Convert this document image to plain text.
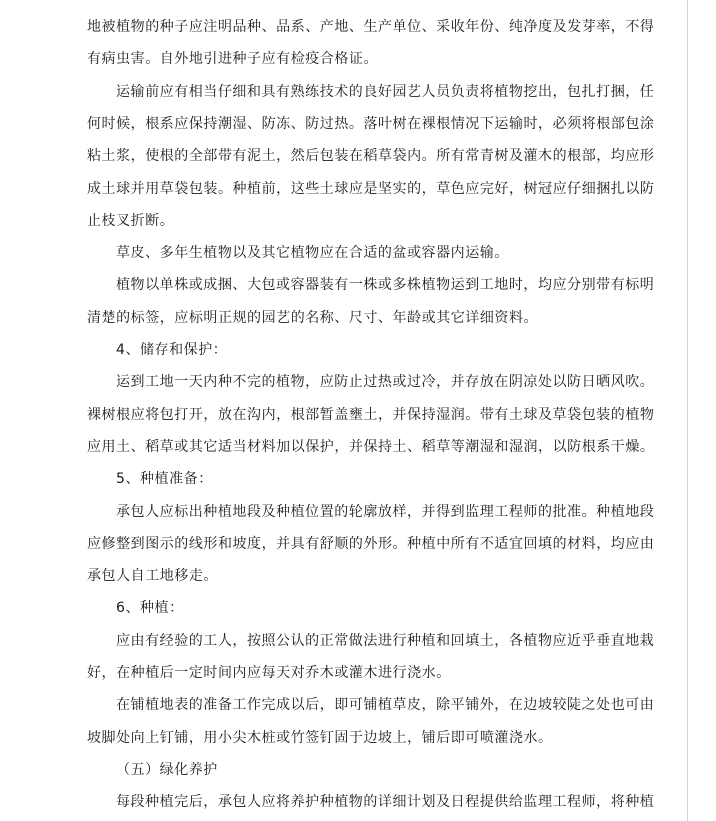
地被植物的种子应注明品种、品系、产地、生产单位、采收年份、纯净度及发芽率，不得
有病虫害。自外地引进种子应有检疫合格证。
运输前应有相当仔细和具有熟练技术的良好园艺人员负责将植物挖出，包扎打捆，任
何时候，根系应保持潮湿、防冻、防过热。落叶树在裸根情况下运输时，必须将根部包涂
粘土浆，使根的全部带有泥土，然后包装在稻草袋内。所有常青树及灌木的根部，均应形
成土球并用草袋包装。种植前，这些土球应是坚实的，草色应完好，树冠应仔细捆扎以防
止枝叉折断。
草皮、多年生植物以及其它植物应在合适的盆或容器内运输。
植物以单株或成捆、大包或容器装有一株或多株植物运到工地时，均应分别带有标明
清楚的标签，应标明正规的园艺的名称、尺寸、年龄或其它详细资料。
4、储存和保护：
运到工地一天内种不完的植物，应防止过热或过冷，并存放在阴凉处以防日晒风吹。
裸树根应将包打开，放在沟内，根部暂盖壅土，并保持湿润。带有土球及草袋包装的植物
应用土、稻草或其它适当材料加以保护，并保持土、稻草等潮湿和湿润，以防根系干燥。
5、种植准备：
承包人应标出种植地段及种植位置的轮廓放样，并得到监理工程师的批准。种植地段
应修整到图示的线形和坡度，并具有舒顺的外形。种植中所有不适宜回填的材料，均应由
承包人自工地移走。
6、种植：
应由有经验的工人，按照公认的正常做法进行种植和回填土，各植物应近乎垂直地栽
好，在种植后一定时间内应每天对乔木或灌木进行浇水。
在铺植地表的准备工作完成以后，即可铺植草皮，除平铺外，在边坡较陡之处也可由
坡脚处向上钉铺，用小尖木桩或竹签钉固于边坡上，铺后即可喷灌浇水。
（五）绿化养护
每段种植完后，承包人应将养护种植物的详细计划及日程提供给监理工程师，将种植
